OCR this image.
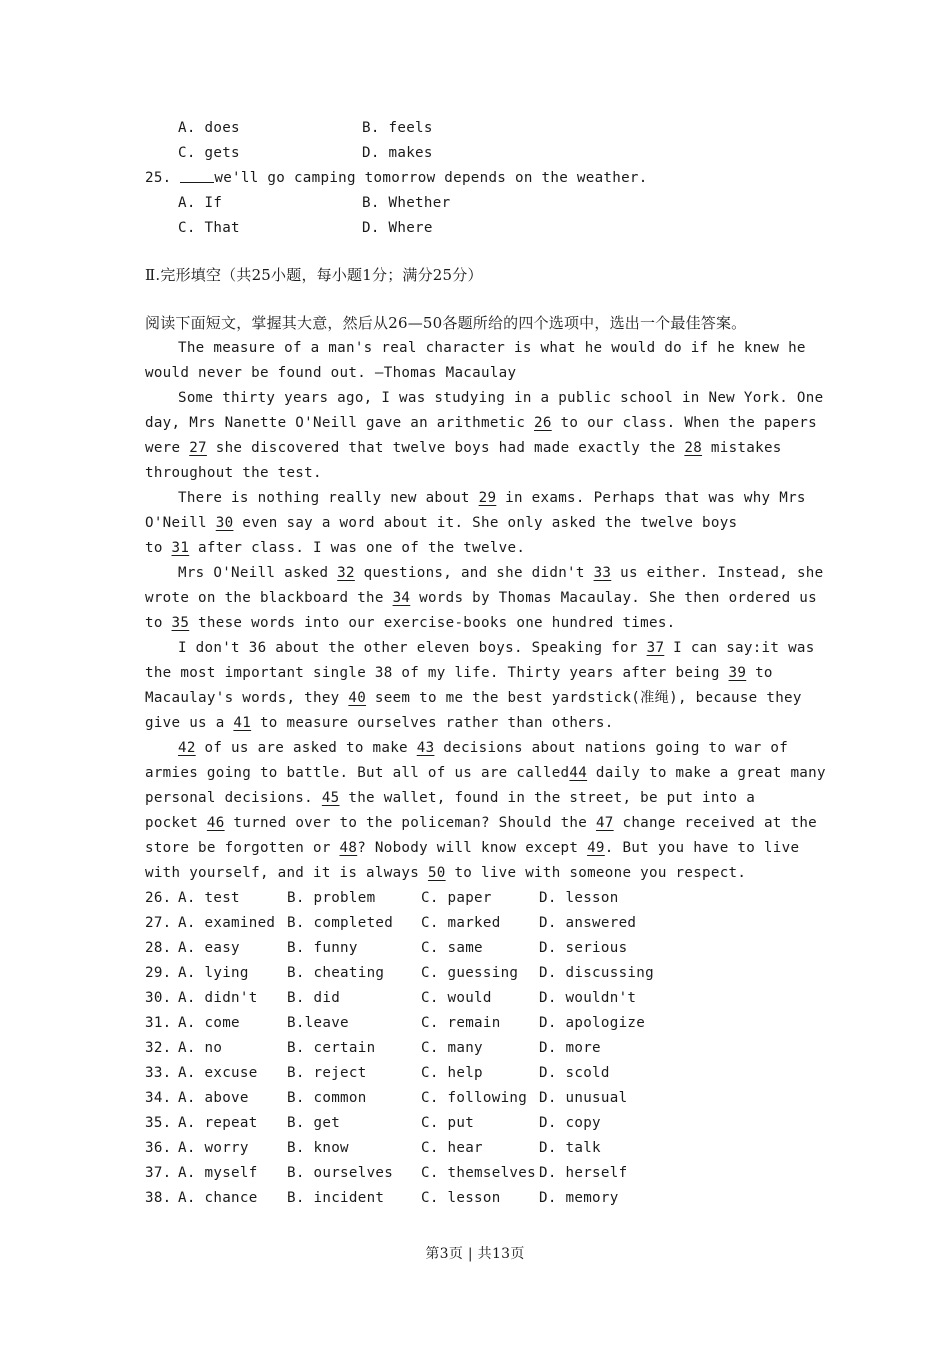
A. does	B. feels
C. gets	D. makes
25.	we'll go camping tomorrow depends on the weather.
A. If	B. Whether
C. That	D. Where
Ⅱ.完形填空（共25小题，每小题1分；满分25分）
阅读下面短文，掌握其大意，然后从26—50各题所给的四个选项中，选出一个最佳答案。
The measure of a man's real character is what he would do if he knew he
would never be found out. —Thomas Macaulay
Some thirty years ago, I was studying in a public school in New York. One
day, Mrs Nanette O'Neill gave an arithmetic 26 to our class. When the papers
were 27 she discovered that twelve boys had made exactly the 28 mistakes
throughout the test.
There is nothing really new about 29 in exams. Perhaps that was why Mrs
O'Neill 30 even say a word about it. She only asked the twelve boys
to 31 after class. I was one of the twelve.
Mrs O'Neill asked 32 questions, and she didn't 33 us either. Instead, she
wrote on the blackboard the 34 words by Thomas Macaulay. She then ordered us
to 35 these words into our exercise-books one hundred times.
I don't 36 about the other eleven boys. Speaking for 37 I can say:it was
the most important single 38 of my life. Thirty years after being 39 to
Macaulay's words, they 40 seem to me the best yardstick(准绳), because they
give us a 41 to measure ourselves rather than others.
42 of us are asked to make 43 decisions about nations going to war of
armies going to battle. But all of us are called44 daily to make a great many
personal decisions. 45 the wallet, found in the street, be put into a
pocket 46 turned over to the policeman? Should the 47 change received at the
store be forgotten or 48? Nobody will know except 49. But you have to live
with yourself, and it is always 50 to live with someone you respect.
26. A. test	B. problem	C. paper	D. lesson
27. A. examined B. completed C. marked	D. answered
28. A. easy	B. funny	C. same	D. serious
29. A. lying	B. cheating	C. guessing D. discussing
30. A. didn't B. did	C. would	D. wouldn't
31. A. come	B.leave	C. remain	D. apologize
32. A. no	B. certain	C. many	D. more
33. A. excuse B. reject	C. help	D. scold
34. A. above	B. common	C. following D. unusual
35. A. repeat B. get	C. put	D. copy
36. A. worry	B. know	C. hear	D. talk
37. A. myself B. ourselves C. themselves D. herself
38. A. chance B. incident	C. lesson	D. memory
第3页 | 共13页
